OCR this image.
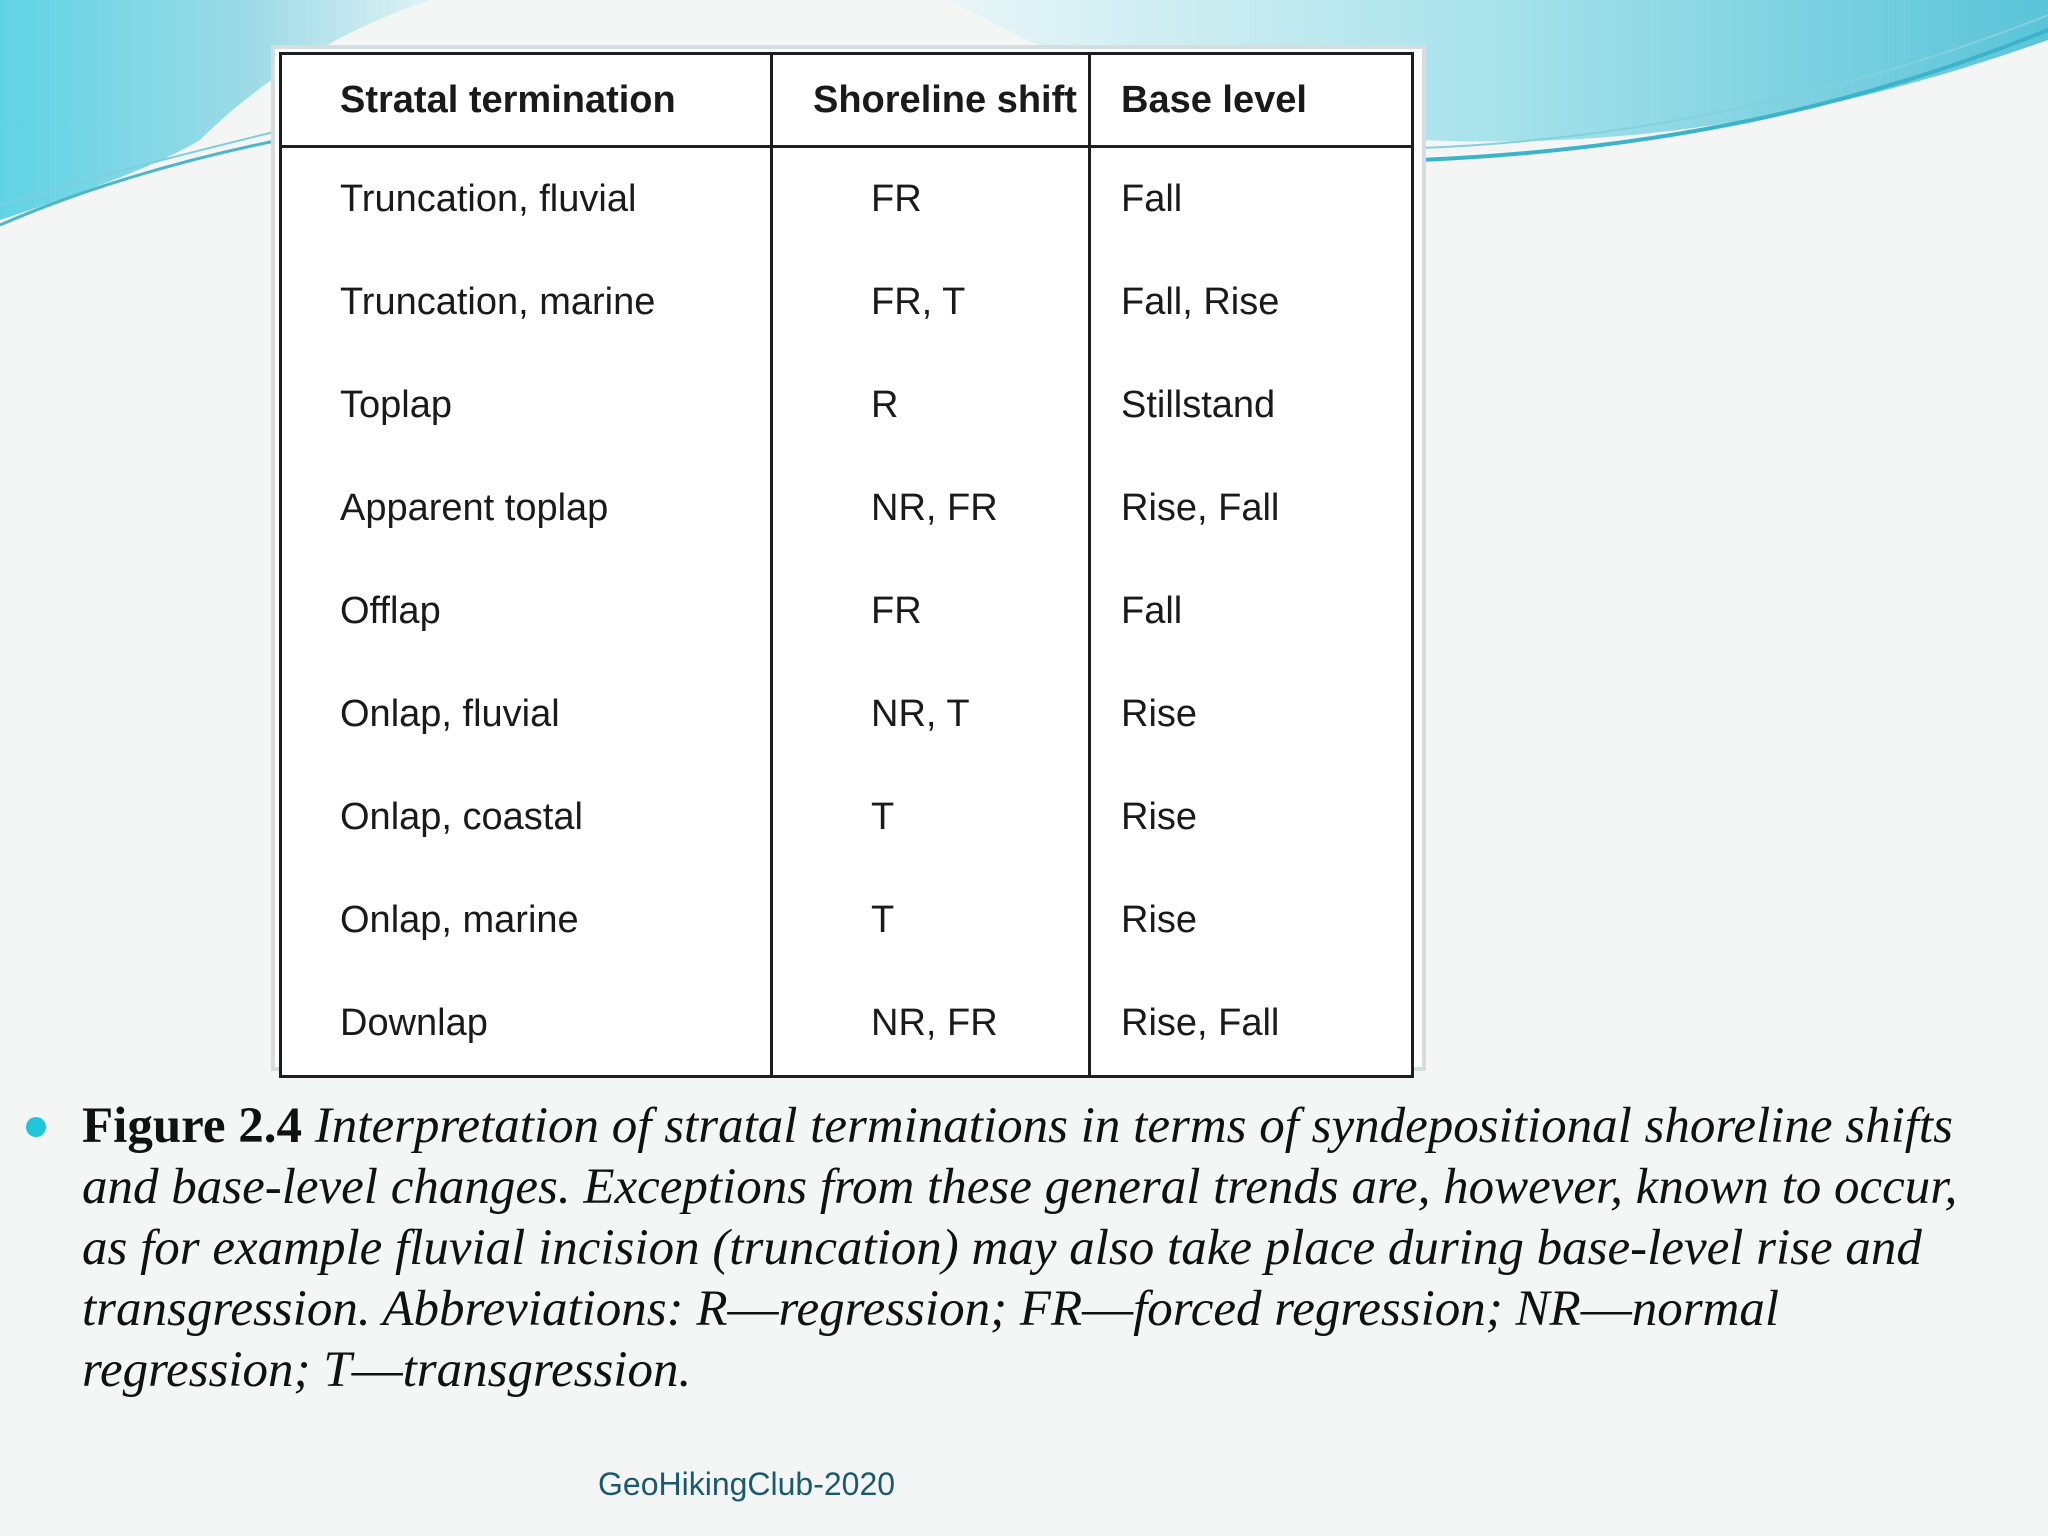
Stratal termination	Shoreline shift	Base level
Truncation, fluvial	FR	Fall
Truncation, marine	FR, T	Fall, Rise
Toplap	R	Stillstand
Apparent toplap	NR, FR	Rise, Fall
Offlap	FR	Fall
Onlap, fluvial	NR, T	Rise
Onlap, coastal	T	Rise
Onlap, marine	T	Rise
Downlap	NR, FR	Rise, Fall
Figure 2.4 Interpretation of stratal terminations in terms of syndepositional shoreline shifts and base-level changes. Exceptions from these general trends are, however, known to occur, as for example fluvial incision (truncation) may also take place during base-level rise and transgression. Abbreviations: R––regression; FR––forced regression; NR––normal regression; T––transgression.
GeoHikingClub-2020
